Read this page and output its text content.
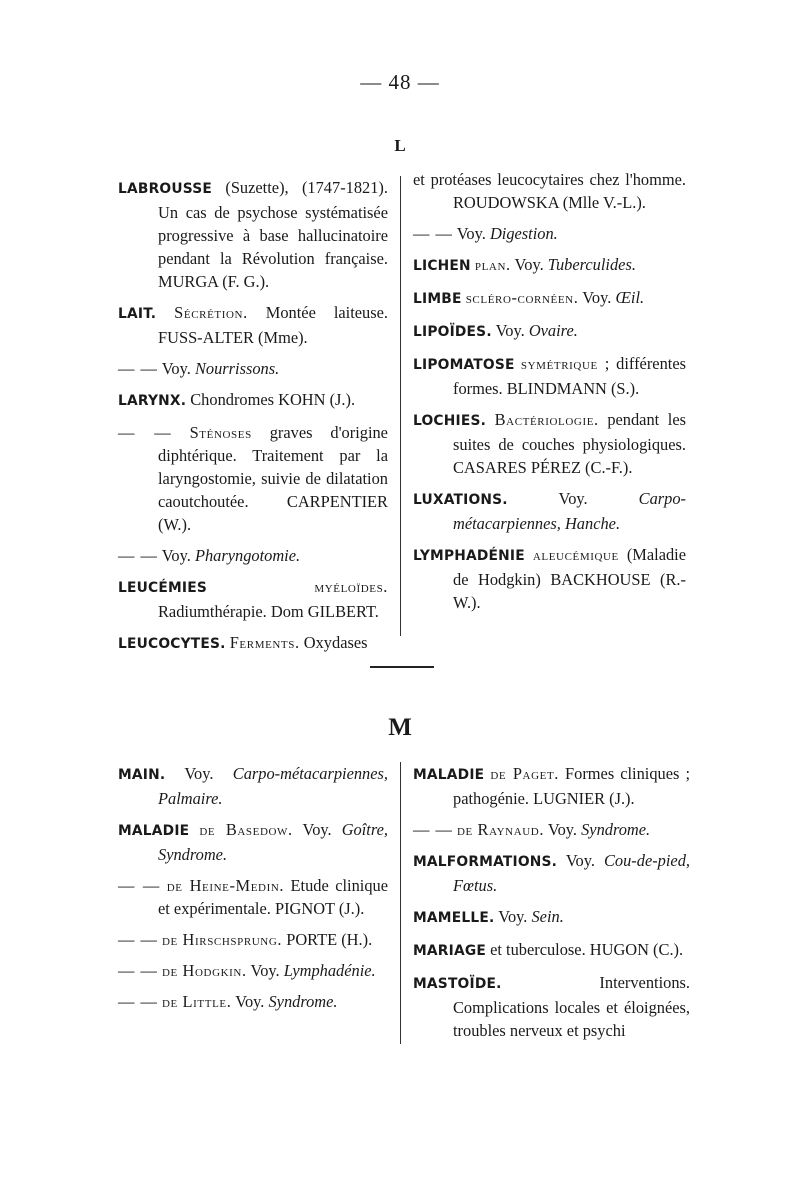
— 48 —
L

LABROUSSE (Suzette), (1747-1821). Un cas de psychose systématisée progressive à base hallucinatoire pendant la Révolution française. MURGA (F. G.).

LAIT. Sécrétion. Montée laiteuse. FUSS-ALTER (Mme).

— — Voy. Nourrissons.

LARYNX. Chondromes KOHN (J.).

— — Sténoses graves d'origine diphtérique. Traitement par la laryngostomie, suivie de dilatation caoutchoutée. CARPENTIER (W.).

— — Voy. Pharyngotomie.

LEUCÉMIES	myéloïdes. Radiumthérapie. Dom GILBERT.

LEUCOCYTES. Ferments. Oxydases

et protéases leucocytaires chez l'homme. ROUDOWSKA (Mlle V.-L.).

— — Voy. Digestion.

LICHEN plan. Voy. Tuberculides.

LIMBE scléro-cornéen. Voy. Œil.

LIPOÏDES. Voy. Ovaire.

LIPOMATOSE symétrique ; différentes formes. BLINDMANN (S.).

LOCHIES. Bactériologie. pendant les suites de couches physiologiques. CASARES PÉREZ (C.-F.).

LUXATIONS. Voy. Carpo-métacarpiennes, Hanche.

LYMPHADÉNIE aleucémique (Maladie de Hodgkin) BACKHOUSE (R.-W.).

M

MAIN. Voy. Carpo-métacarpiennes, Palmaire.

MALADIE de Basedow. Voy. Goître, Syndrome.

— — de Heine-Medin. Etude clinique et expérimentale. PIGNOT (J.).

— — de Hirschsprung. PORTE (H.).

— — de Hodgkin. Voy. Lymphadénie.

— — de Little. Voy. Syndrome.

MALADIE de Paget. Formes cliniques ; pathogénie. LUGNIER (J.).

— — de Raynaud. Voy. Syndrome.

MALFORMATIONS. Voy. Cou-de-pied, Fœtus.

MAMELLE. Voy. Sein.

MARIAGE et tuberculose. HUGON (C.).

MASTOÏDE. Interventions. Complications locales et éloignées, troubles nerveux et psychi
